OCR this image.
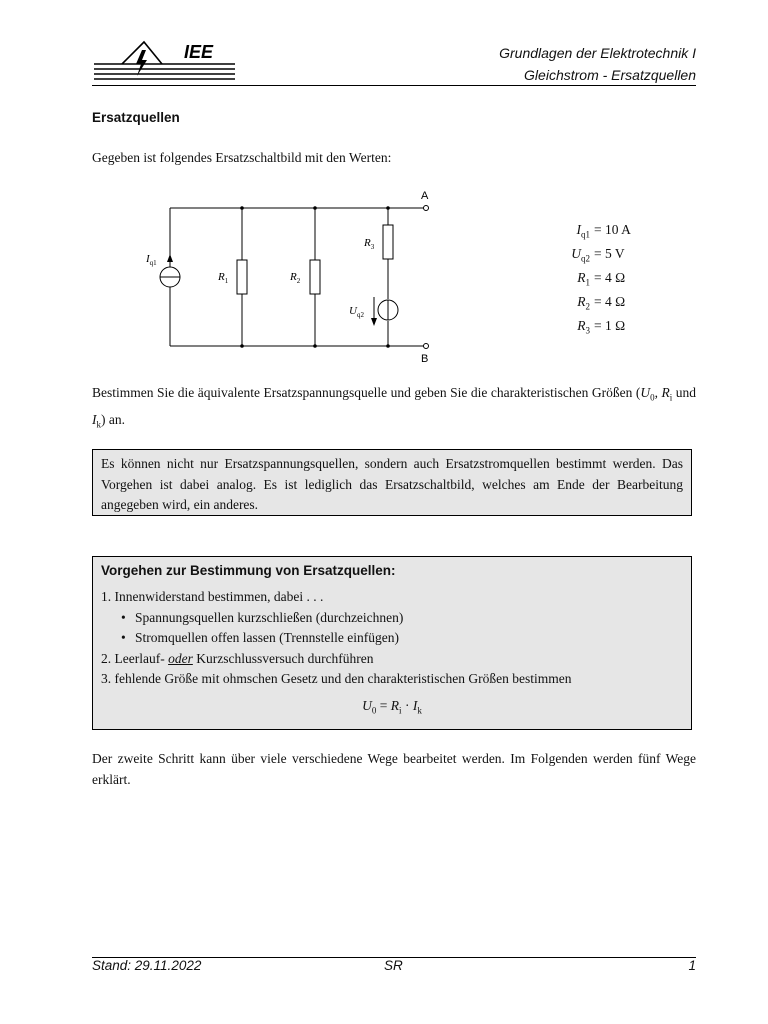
IEE	Grundlagen der Elektrotechnik I
Gleichstrom - Ersatzquellen
Ersatzquellen
Gegeben ist folgendes Ersatzschaltbild mit den Werten:
A
B
$I_{q1}$
$R_1$	$R_2$
$R_3$
$U_{q2}$
$I_{q1} = 10$ A
$U_{q2} = 5$ V
$R_1 = 4$ Ω
$R_2 = 4$ Ω
$R_3 = 1$ Ω
Bestimmen Sie die äquivalente Ersatzspannungsquelle und geben Sie die charakteristischen Größen ($U_0$, $R_i$ und $I_k$) an.
Es können nicht nur Ersatzspannungsquellen, sondern auch Ersatzstromquellen bestimmt werden. Das Vorgehen ist dabei analog. Es ist lediglich das Ersatzschaltbild, welches am Ende der Bearbeitung angegeben wird, ein anderes.
Vorgehen zur Bestimmung von Ersatzquellen:
1. Innenwiderstand bestimmen, dabei . . .
• Spannungsquellen kurzschließen (durchzeichnen)
• Stromquellen offen lassen (Trennstelle einfügen)
2. Leerlauf- oder Kurzschlussversuch durchführen
3. fehlende Größe mit ohmschen Gesetz und den charakteristischen Größen bestimmen
$U_0 = R_i \cdot I_k$
Der zweite Schritt kann über viele verschiedene Wege bearbeitet werden. Im Folgenden werden fünf Wege erklärt.
Stand: 29.11.2022	SR	1
